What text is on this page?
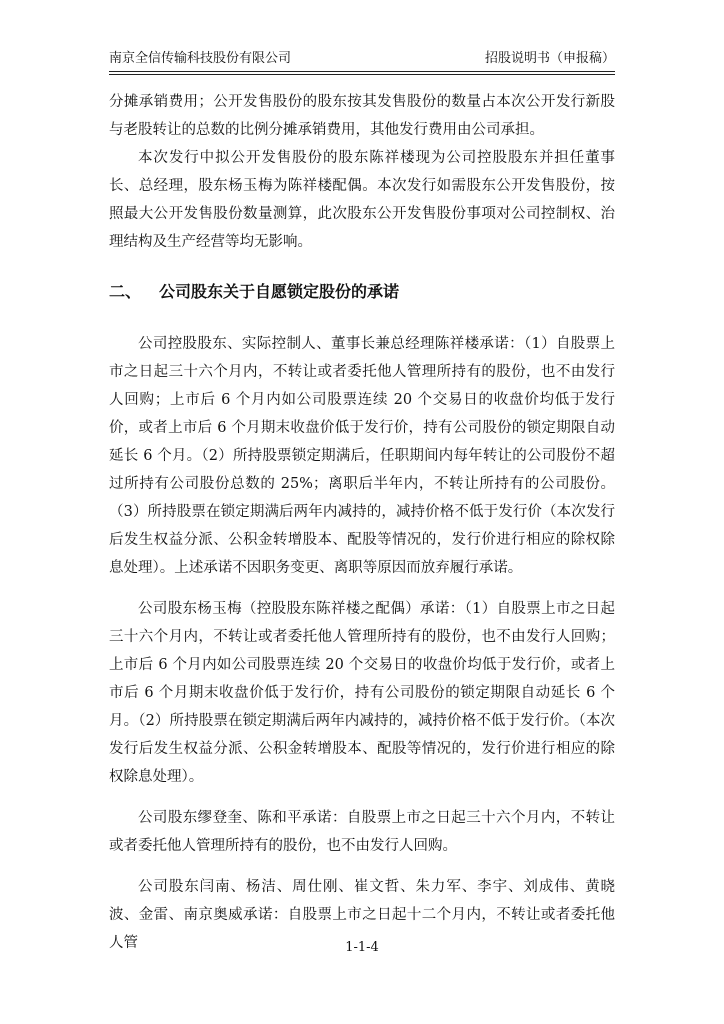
南京全信传输科技股份有限公司	招股说明书（申报稿）

分摊承销费用；公开发售股份的股东按其发售股份的数量占本次公开发行新股与老股转让的总数的比例分摊承销费用，其他发行费用由公司承担。

本次发行中拟公开发售股份的股东陈祥楼现为公司控股股东并担任董事长、总经理，股东杨玉梅为陈祥楼配偶。本次发行如需股东公开发售股份，按照最大公开发售股份数量测算，此次股东公开发售股份事项对公司控制权、治理结构及生产经营等均无影响。

二、 公司股东关于自愿锁定股份的承诺

公司控股股东、实际控制人、董事长兼总经理陈祥楼承诺：（1）自股票上市之日起三十六个月内，不转让或者委托他人管理所持有的股份，也不由发行人回购；上市后 6 个月内如公司股票连续 20 个交易日的收盘价均低于发行价，或者上市后 6 个月期末收盘价低于发行价，持有公司股份的锁定期限自动延长 6 个月。（2）所持股票锁定期满后，任职期间内每年转让的公司股份不超过所持有公司股份总数的 25%；离职后半年内，不转让所持有的公司股份。（3）所持股票在锁定期满后两年内减持的，减持价格不低于发行价（本次发行后发生权益分派、公积金转增股本、配股等情况的，发行价进行相应的除权除息处理）。上述承诺不因职务变更、离职等原因而放弃履行承诺。

公司股东杨玉梅（控股股东陈祥楼之配偶）承诺：（1）自股票上市之日起三十六个月内，不转让或者委托他人管理所持有的股份，也不由发行人回购；上市后 6 个月内如公司股票连续 20 个交易日的收盘价均低于发行价，或者上市后 6 个月期末收盘价低于发行价，持有公司股份的锁定期限自动延长 6 个月。（2）所持股票在锁定期满后两年内减持的，减持价格不低于发行价。（本次发行后发生权益分派、公积金转增股本、配股等情况的，发行价进行相应的除权除息处理）。

公司股东缪登奎、陈和平承诺：自股票上市之日起三十六个月内，不转让或者委托他人管理所持有的股份，也不由发行人回购。

公司股东闫南、杨洁、周仕刚、崔文哲、朱力军、李宇、刘成伟、黄晓波、金雷、南京奥威承诺：自股票上市之日起十二个月内，不转让或者委托他人管	1-1-4
